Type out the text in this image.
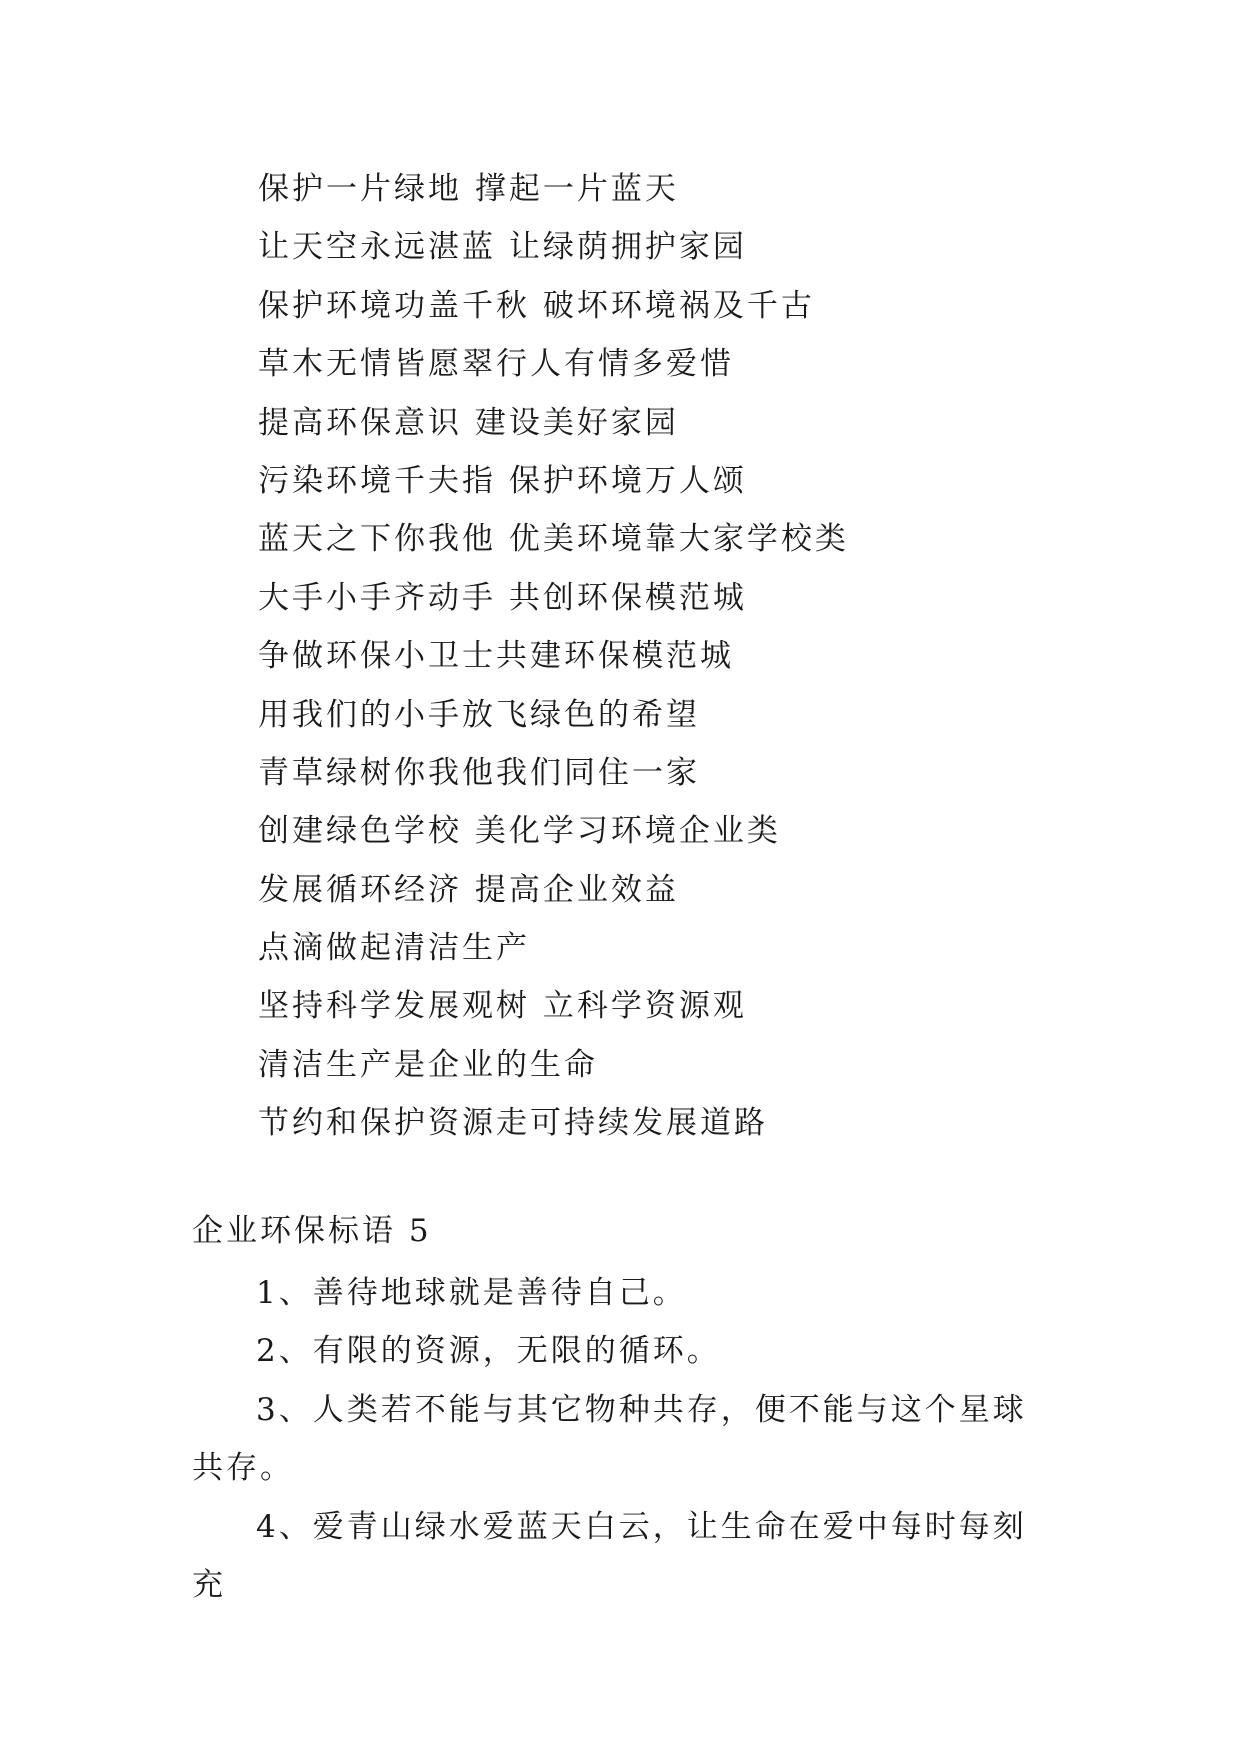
保护一片绿地 撑起一片蓝天
让天空永远湛蓝 让绿荫拥护家园
保护环境功盖千秋 破坏环境祸及千古
草木无情皆愿翠行人有情多爱惜
提高环保意识 建设美好家园
污染环境千夫指 保护环境万人颂
蓝天之下你我他 优美环境靠大家学校类
大手小手齐动手 共创环保模范城
争做环保小卫士共建环保模范城
用我们的小手放飞绿色的希望
青草绿树你我他我们同住一家
创建绿色学校 美化学习环境企业类
发展循环经济 提高企业效益
点滴做起清洁生产
坚持科学发展观树 立科学资源观
清洁生产是企业的生命
节约和保护资源走可持续发展道路
企业环保标语 5

1、善待地球就是善待自己。

2、有限的资源，无限的循环。

3、人类若不能与其它物种共存，便不能与这个星球共存。

4、爱青山绿水爱蓝天白云，让生命在爱中每时每刻充
